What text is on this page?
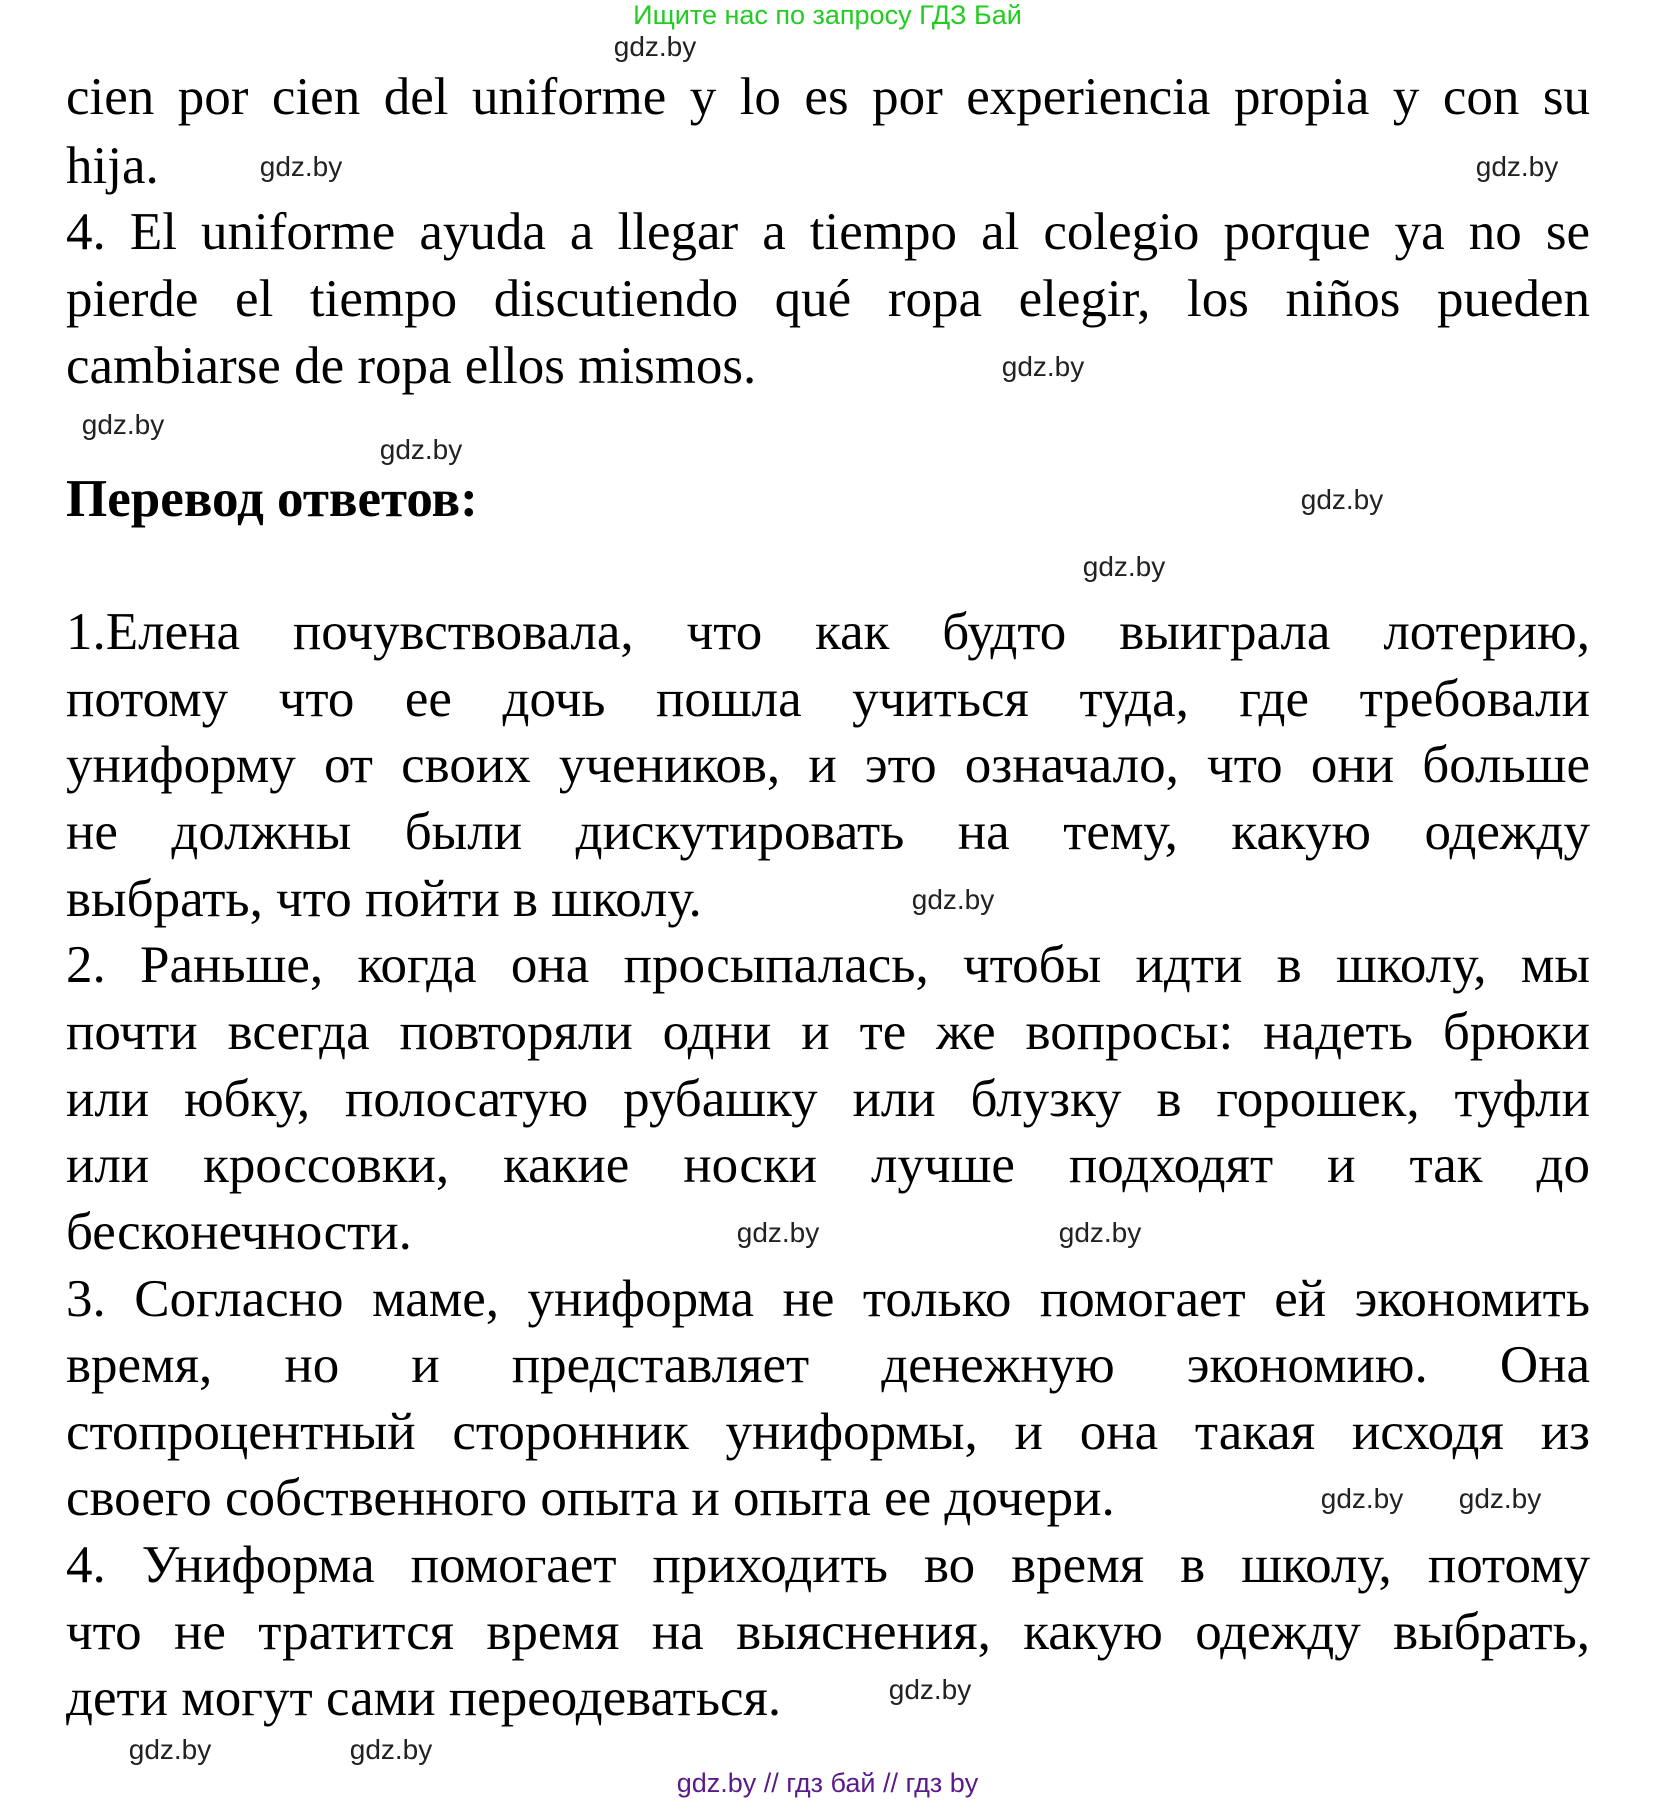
Ищите нас по запросу ГДЗ Бай
cien por cien del uniforme y lo es por experiencia propia y con su
hija.
4. El uniforme ayuda a llegar a tiempo al colegio porque ya no se
pierde el tiempo discutiendo qué ropa elegir, los niños pueden
cambiarse de ropa ellos mismos.
Перевод ответов:
1.Елена почувствовала, что как будто выиграла лотерию,
потому что ее дочь пошла учиться туда, где требовали
униформу от своих учеников, и это означало, что они больше
не должны были дискутировать на тему, какую одежду
выбрать, что пойти в школу.
2. Раньше, когда она просыпалась, чтобы идти в школу, мы
почти всегда повторяли одни и те же вопросы: надеть брюки
или юбку, полосатую рубашку или блузку в горошек, туфли
или кроссовки, какие носки лучше подходят и так до
бесконечности.
3. Согласно маме, униформа не только помогает ей экономить
время, но и представляет денежную экономию. Она
стопроцентный сторонник униформы, и она такая исходя из
своего собственного опыта и опыта ее дочери.
4. Униформа помогает приходить во время в школу, потому
что не тратится время на выяснения, какую одежду выбрать,
дети могут сами переодеваться.
gdz.by
gdz.by
gdz.by
gdz.by
gdz.by
gdz.by
gdz.by
gdz.by
gdz.by
gdz.by
gdz.by
gdz.by
gdz.by
gdz.by
gdz.by
gdz.by
gdz.by // гдз бай // гдз by
